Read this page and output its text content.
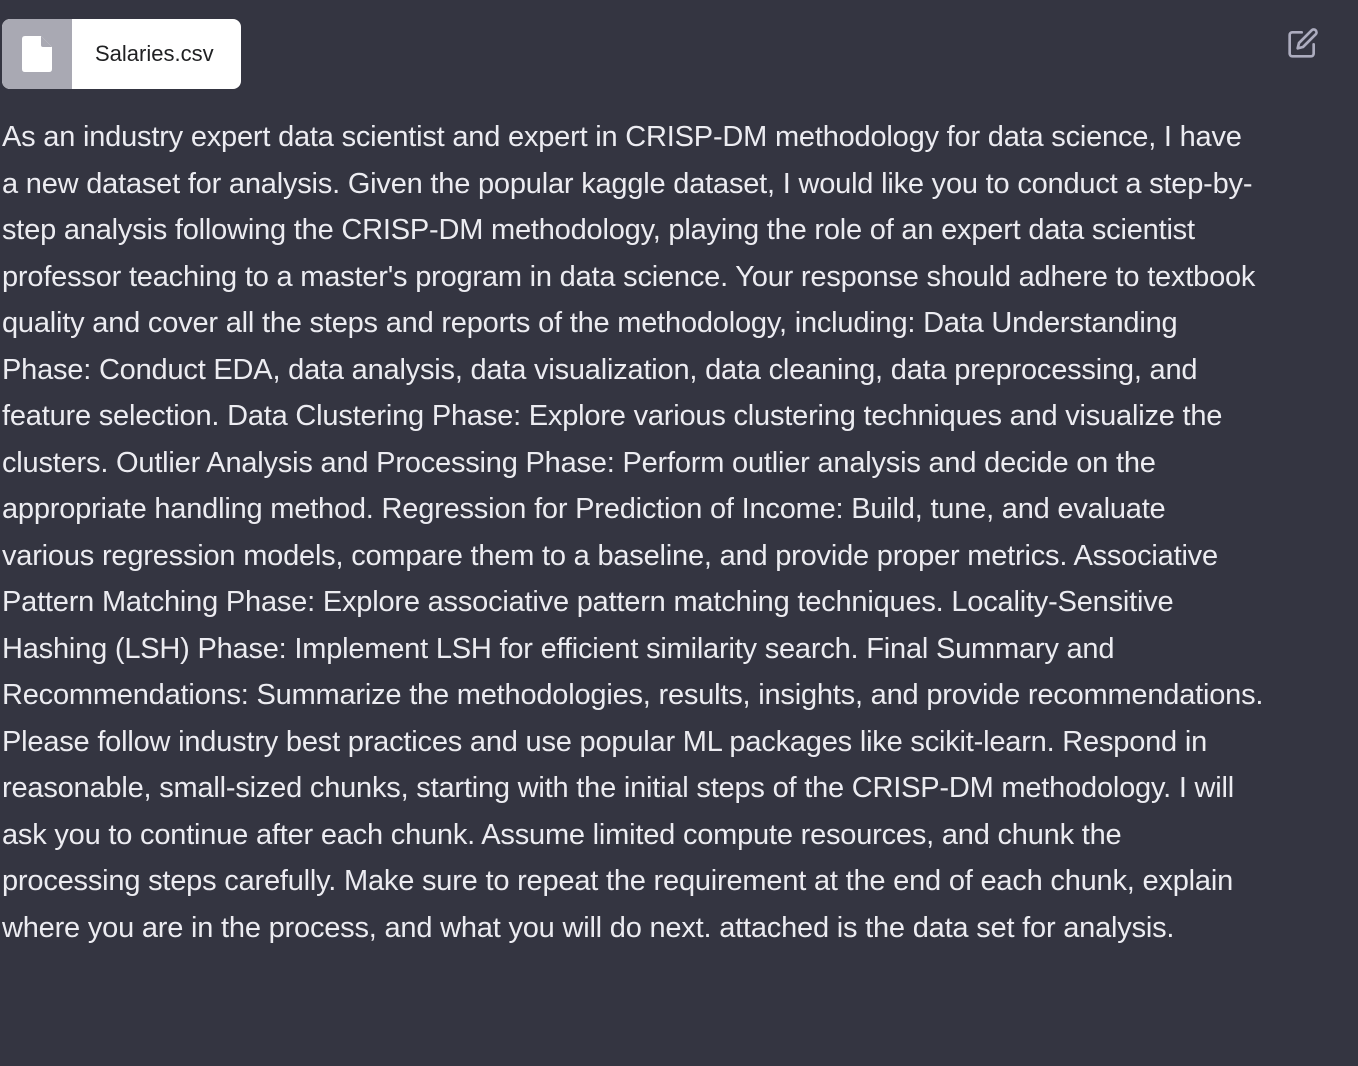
Salaries.csv

As an industry expert data scientist and expert in CRISP-DM methodology for data science, I have a new dataset for analysis. Given the popular kaggle dataset, I would like you to conduct a step-by-step analysis following the CRISP-DM methodology, playing the role of an expert data scientist professor teaching to a master's program in data science. Your response should adhere to textbook quality and cover all the steps and reports of the methodology, including: Data Understanding Phase: Conduct EDA, data analysis, data visualization, data cleaning, data preprocessing, and feature selection. Data Clustering Phase: Explore various clustering techniques and visualize the clusters. Outlier Analysis and Processing Phase: Perform outlier analysis and decide on the appropriate handling method. Regression for Prediction of Income: Build, tune, and evaluate various regression models, compare them to a baseline, and provide proper metrics. Associative Pattern Matching Phase: Explore associative pattern matching techniques. Locality-Sensitive Hashing (LSH) Phase: Implement LSH for efficient similarity search. Final Summary and Recommendations: Summarize the methodologies, results, insights, and provide recommendations. Please follow industry best practices and use popular ML packages like scikit-learn. Respond in reasonable, small-sized chunks, starting with the initial steps of the CRISP-DM methodology. I will ask you to continue after each chunk. Assume limited compute resources, and chunk the processing steps carefully. Make sure to repeat the requirement at the end of each chunk, explain where you are in the process, and what you will do next. attached is the data set for analysis.
